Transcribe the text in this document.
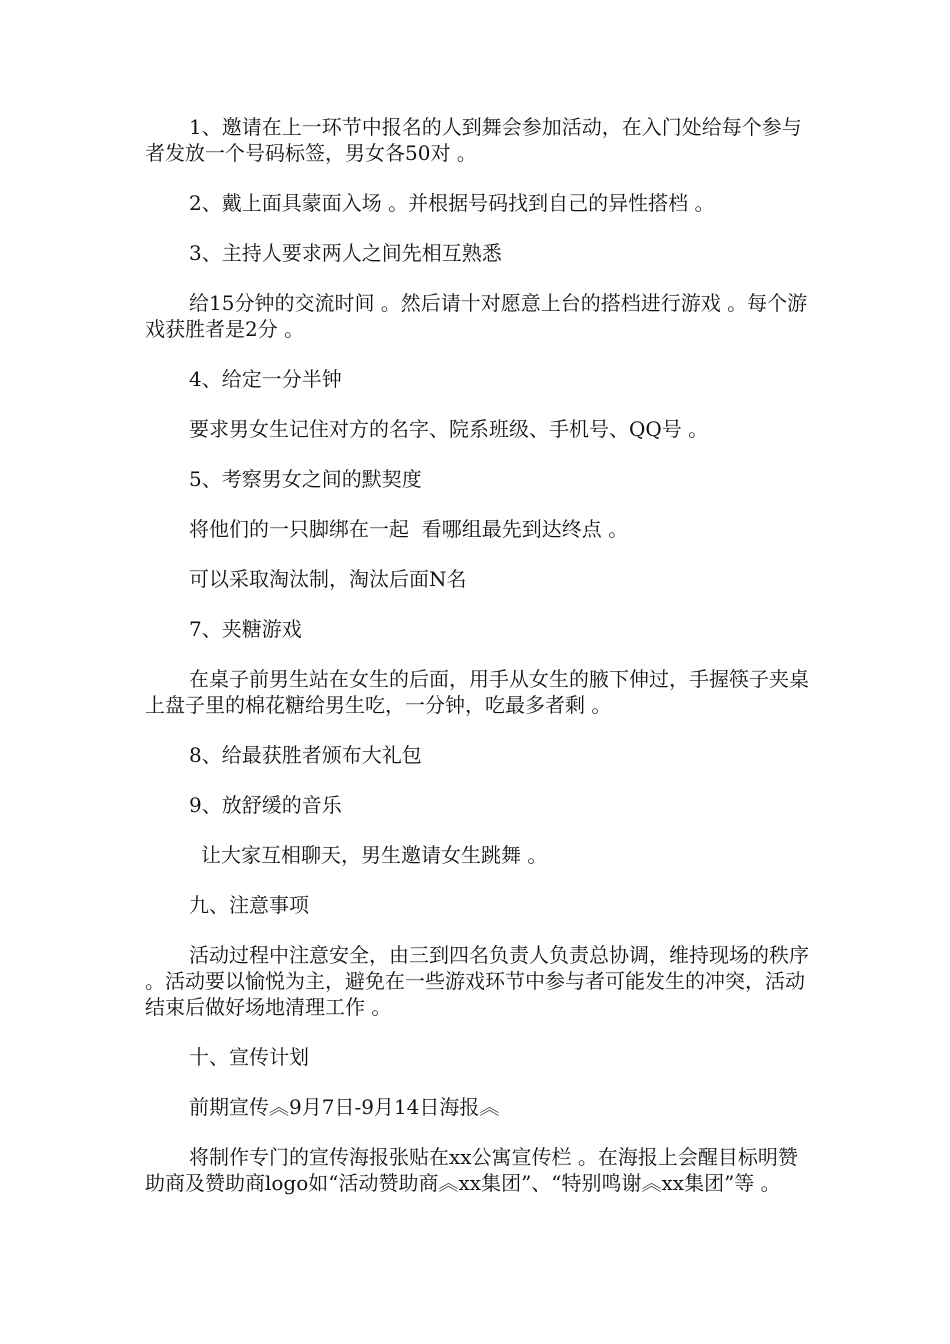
1、邀请在上一环节中报名的人到舞会参加活动，在入门处给每个参与者发放一个号码标签，男女各50对 。

2、戴上面具蒙面入场 。并根据号码找到自己的异性搭档 。

3、主持人要求两人之间先相互熟悉

给15分钟的交流时间 。然后请十对愿意上台的搭档进行游戏 。每个游戏获胜者是2分 。

4、给定一分半钟

要求男女生记住对方的名字、院系班级、手机号、QQ号 。

5、考察男女之间的默契度

将他们的一只脚绑在一起  看哪组最先到达终点 。

可以采取淘汰制，淘汰后面N名

7、夹糖游戏

在桌子前男生站在女生的后面，用手从女生的腋下伸过，手握筷子夹桌上盘子里的棉花糖给男生吃，一分钟，吃最多者剩 。

8、给最获胜者颁布大礼包

9、放舒缓的音乐

让大家互相聊天，男生邀请女生跳舞 。

九、注意事项

活动过程中注意安全，由三到四名负责人负责总协调，维持现场的秩序 。活动要以愉悦为主，避免在一些游戏环节中参与者可能发生的冲突，活动结束后做好场地清理工作 。

十、宣传计划

前期宣传︽9月7日-9月14日海报︽

将制作专门的宣传海报张贴在xx公寓宣传栏 。在海报上会醒目标明赞助商及赞助商logo如“活动赞助商︽xx集团”、“特别鸣谢︽xx集团”等 。
